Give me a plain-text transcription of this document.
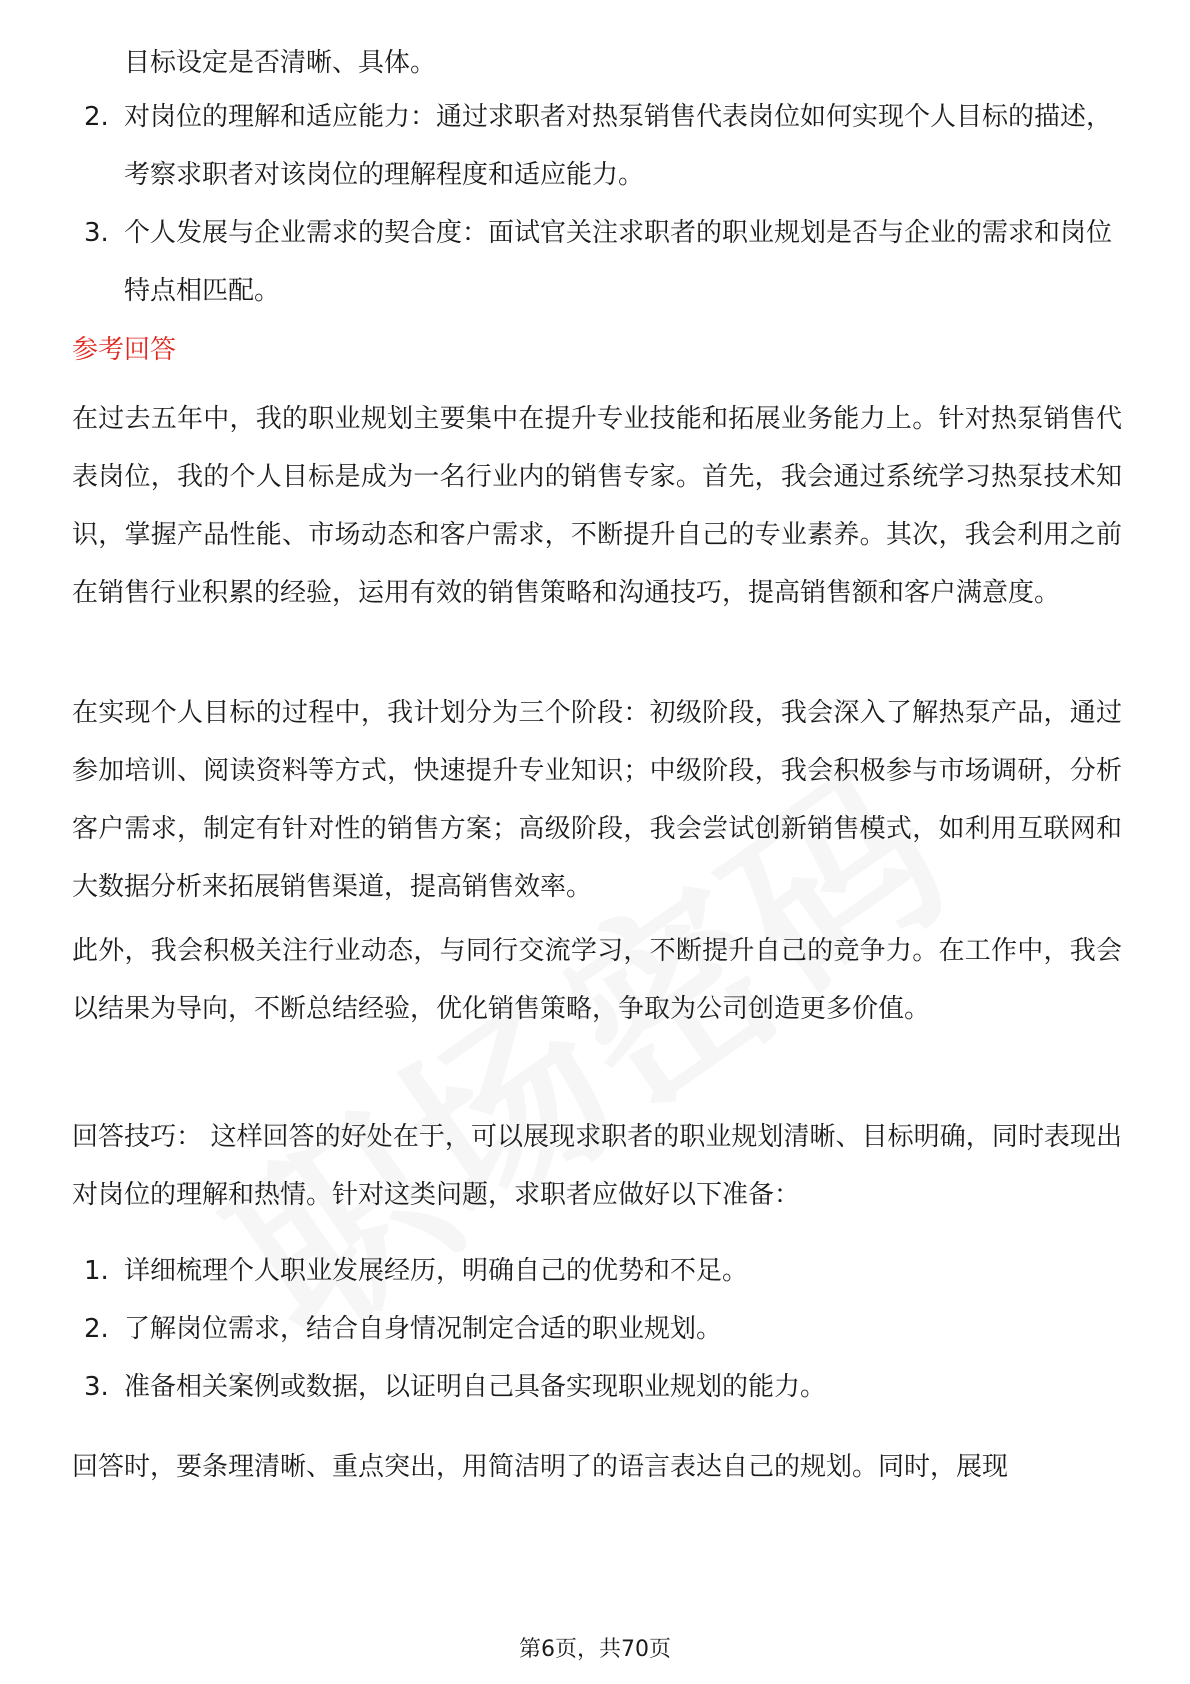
目标设定是否清晰、具体。
2. 对岗位的理解和适应能力：通过求职者对热泵销售代表岗位如何实现个人目标的描述，考察求职者对该岗位的理解程度和适应能力。
3. 个人发展与企业需求的契合度：面试官关注求职者的职业规划是否与企业的需求和岗位特点相匹配。
参考回答

在过去五年中，我的职业规划主要集中在提升专业技能和拓展业务能力上。针对热泵销售代表岗位，我的个人目标是成为一名行业内的销售专家。首先，我会通过系统学习热泵技术知识，掌握产品性能、市场动态和客户需求，不断提升自己的专业素养。其次，我会利用之前在销售行业积累的经验，运用有效的销售策略和沟通技巧，提高销售额和客户满意度。

在实现个人目标的过程中，我计划分为三个阶段：初级阶段，我会深入了解热泵产品，通过参加培训、阅读资料等方式，快速提升专业知识；中级阶段，我会积极参与市场调研，分析客户需求，制定有针对性的销售方案；高级阶段，我会尝试创新销售模式，如利用互联网和大数据分析来拓展销售渠道，提高销售效率。

此外，我会积极关注行业动态，与同行交流学习，不断提升自己的竞争力。在工作中，我会以结果为导向，不断总结经验，优化销售策略，争取为公司创造更多价值。

回答技巧： 这样回答的好处在于，可以展现求职者的职业规划清晰、目标明确，同时表现出对岗位的理解和热情。针对这类问题，求职者应做好以下准备：

1. 详细梳理个人职业发展经历，明确自己的优势和不足。
2. 了解岗位需求，结合自身情况制定合适的职业规划。
3. 准备相关案例或数据，以证明自己具备实现职业规划的能力。

回答时，要条理清晰、重点突出，用简洁明了的语言表达自己的规划。同时，展现

第6页，共70页
